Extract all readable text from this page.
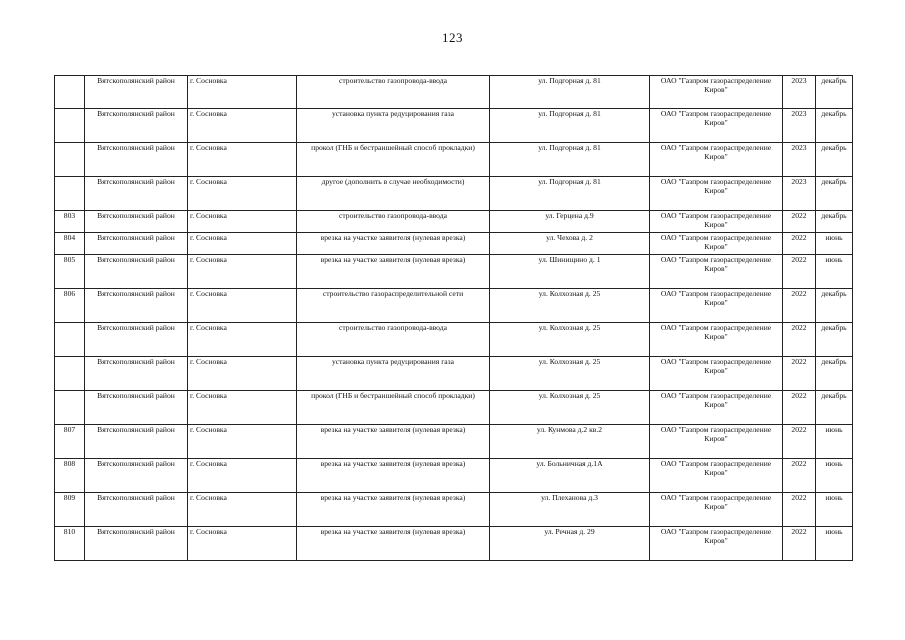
123
	Вятскополянский район	г. Сосновка	строительство газопровода-ввода	ул. Подгорная д. 81	ОАО "Газпром газораспределение Киров"	2023	декабрь
	Вятскополянский район	г. Сосновка	установка пункта редуцирования газа	ул. Подгорная д. 81	ОАО "Газпром газораспределение Киров"	2023	декабрь
	Вятскополянский район	г. Сосновка	прокол (ГНБ и бестраншейный способ прокладки)	ул. Подгорная д. 81	ОАО "Газпром газораспределение Киров"	2023	декабрь
	Вятскополянский район	г. Сосновка	другое (дополнить в случае необходимости)	ул. Подгорная д. 81	ОАО "Газпром газораспределение Киров"	2023	декабрь
803	Вятскополянский район	г. Сосновка	строительство газопровода-ввода	ул. Герцена д.9	ОАО "Газпром газораспределение Киров"	2022	декабрь
804	Вятскополянский район	г. Сосновка	врезка на участке заявителя (нулевая врезка)	ул. Чехова д. 2	ОАО "Газпром газораспределение Киров"	2022	июнь
805	Вятскополянский район	г. Сосновка	врезка на участке заявителя (нулевая врезка)	ул. Шинищино д. 1	ОАО "Газпром газораспределение Киров"	2022	июнь
806	Вятскополянский район	г. Сосновка	строительство газораспределительной сети	ул. Колхозная д. 25	ОАО "Газпром газораспределение Киров"	2022	декабрь
	Вятскополянский район	г. Сосновка	строительство газопровода-ввода	ул. Колхозная д. 25	ОАО "Газпром газораспределение Киров"	2022	декабрь
	Вятскополянский район	г. Сосновка	установка пункта редуцирования газа	ул. Колхозная д. 25	ОАО "Газпром газораспределение Киров"	2022	декабрь
	Вятскополянский район	г. Сосновка	прокол (ГНБ и бестраншейный способ прокладки)	ул. Колхозная д. 25	ОАО "Газпром газораспределение Киров"	2022	декабрь
807	Вятскополянский район	г. Сосновка	врезка на участке заявителя (нулевая врезка)	ул. Кунмова д.2 кв.2	ОАО "Газпром газораспределение Киров"	2022	июнь
808	Вятскополянский район	г. Сосновка	врезка на участке заявителя (нулевая врезка)	ул. Больничная д.1А	ОАО "Газпром газораспределение Киров"	2022	июнь
809	Вятскополянский район	г. Сосновка	врезка на участке заявителя (нулевая врезка)	ул. Плеханова д.3	ОАО "Газпром газораспределение Киров"	2022	июнь
810	Вятскополянский район	г. Сосновка	врезка на участке заявителя (нулевая врезка)	ул. Речная д. 29	ОАО "Газпром газораспределение Киров"	2022	июнь
